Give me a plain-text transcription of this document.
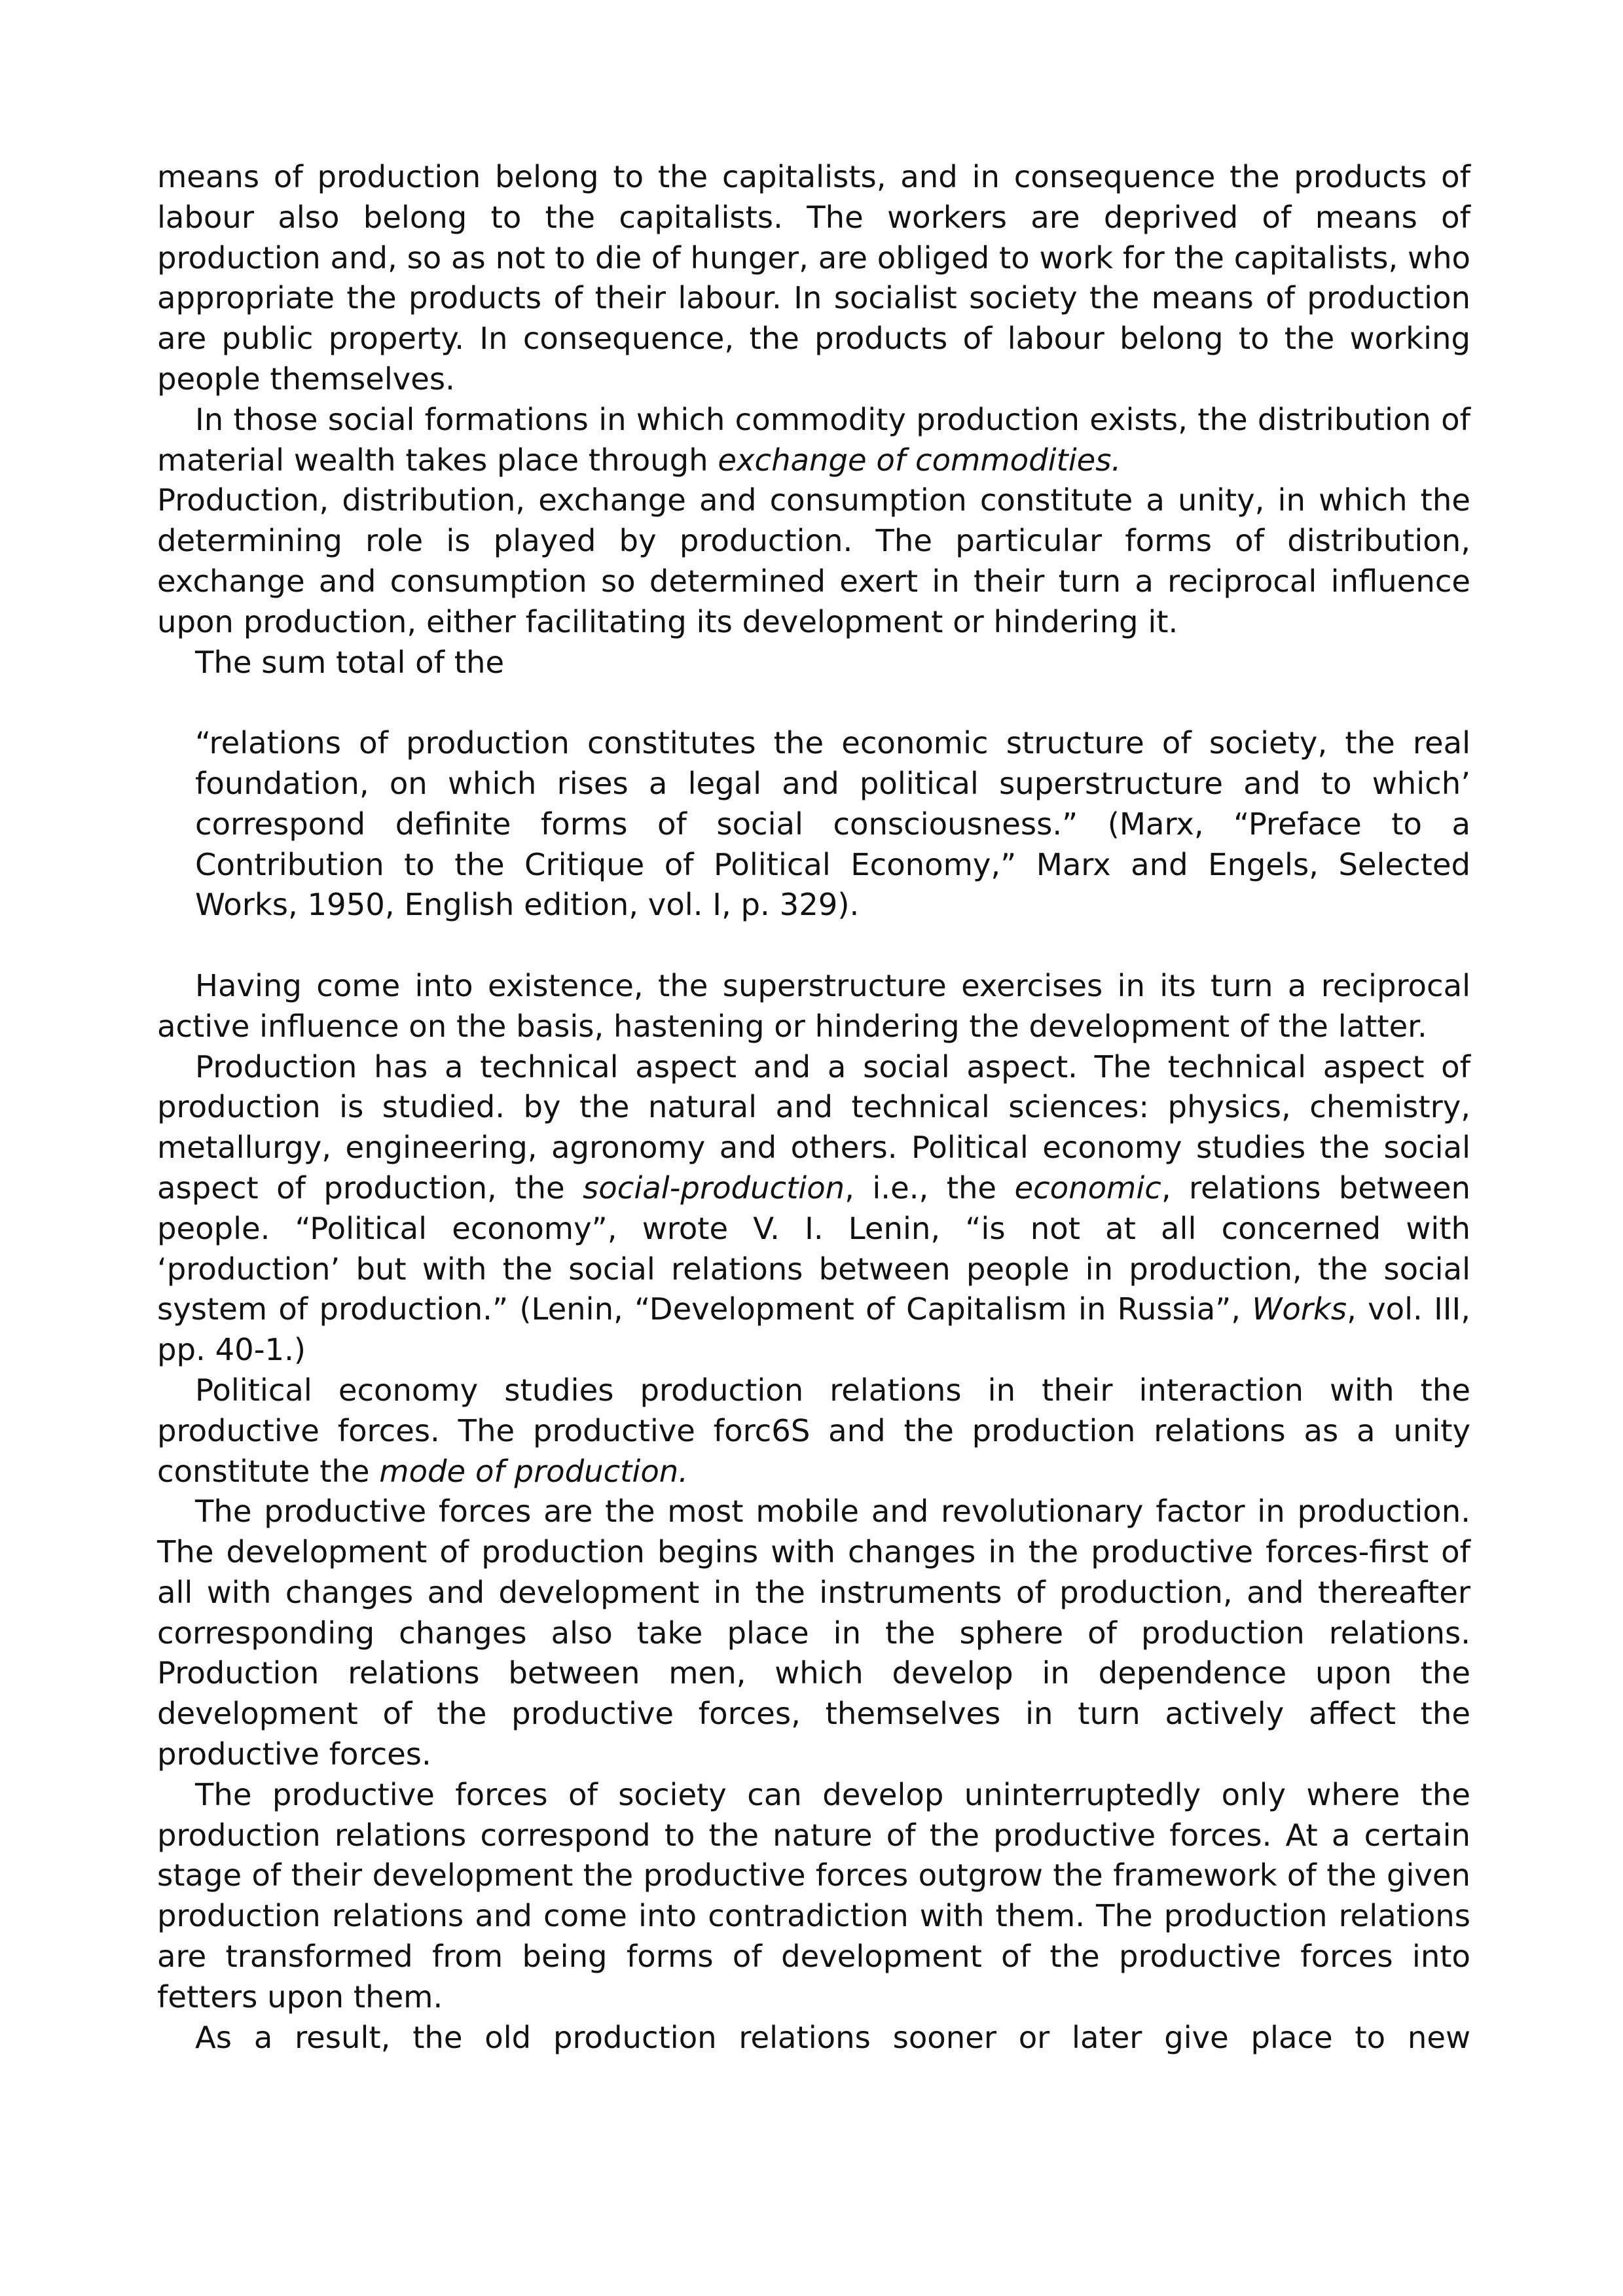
means of production belong to the capitalists, and in consequence the products of labour also belong to the capitalists. The workers are deprived of means of production and, so as not to die of hunger, are obliged to work for the capitalists, who appropriate the products of their labour. In socialist society the means of production are public property. In consequence, the products of labour belong to the working people themselves.

In those social formations in which commodity production exists, the distribution of material wealth takes place through exchange of commodities.

Production, distribution, exchange and consumption constitute a unity, in which the determining role is played by production. The particular forms of distribution, exchange and consumption so determined exert in their turn a reciprocal influence upon production, either facilitating its development or hindering it.

The sum total of the

“relations of production constitutes the economic structure of society, the real foundation, on which rises a legal and political superstructure and to which’ correspond definite forms of social consciousness.” (Marx, “Preface to a Contribution to the Critique of Political Economy,” Marx and Engels, Selected Works, 1950, English edition, vol. I, p. 329).

Having come into existence, the superstructure exercises in its turn a reciprocal active influence on the basis, hastening or hindering the development of the latter.

Production has a technical aspect and a social aspect. The technical aspect of production is studied. by the natural and technical sciences: physics, chemistry, metallurgy, engineering, agronomy and others. Political economy studies the social aspect of production, the social-production, i.e., the economic, relations between people. “Political economy”, wrote V. I. Lenin, “is not at all concerned with ‘production’ but with the social relations between people in production, the social system of production.” (Lenin, “Development of Capitalism in Russia”, Works, vol. III, pp. 40-1.)

Political economy studies production relations in their interaction with the productive forces. The productive forc6S and the production relations as a unity constitute the mode of production.

The productive forces are the most mobile and revolutionary factor in production. The development of production begins with changes in the productive forces-first of all with changes and development in the instruments of production, and thereafter corresponding changes also take place in the sphere of production relations. Production relations between men, which develop in dependence upon the development of the productive forces, themselves in turn actively affect the productive forces.

The productive forces of society can develop uninterruptedly only where the production relations correspond to the nature of the productive forces. At a certain stage of their development the productive forces outgrow the framework of the given production relations and come into contradiction with them. The production relations are transformed from being forms of development of the productive forces into fetters upon them.

As a result, the old production relations sooner or later give place to new
